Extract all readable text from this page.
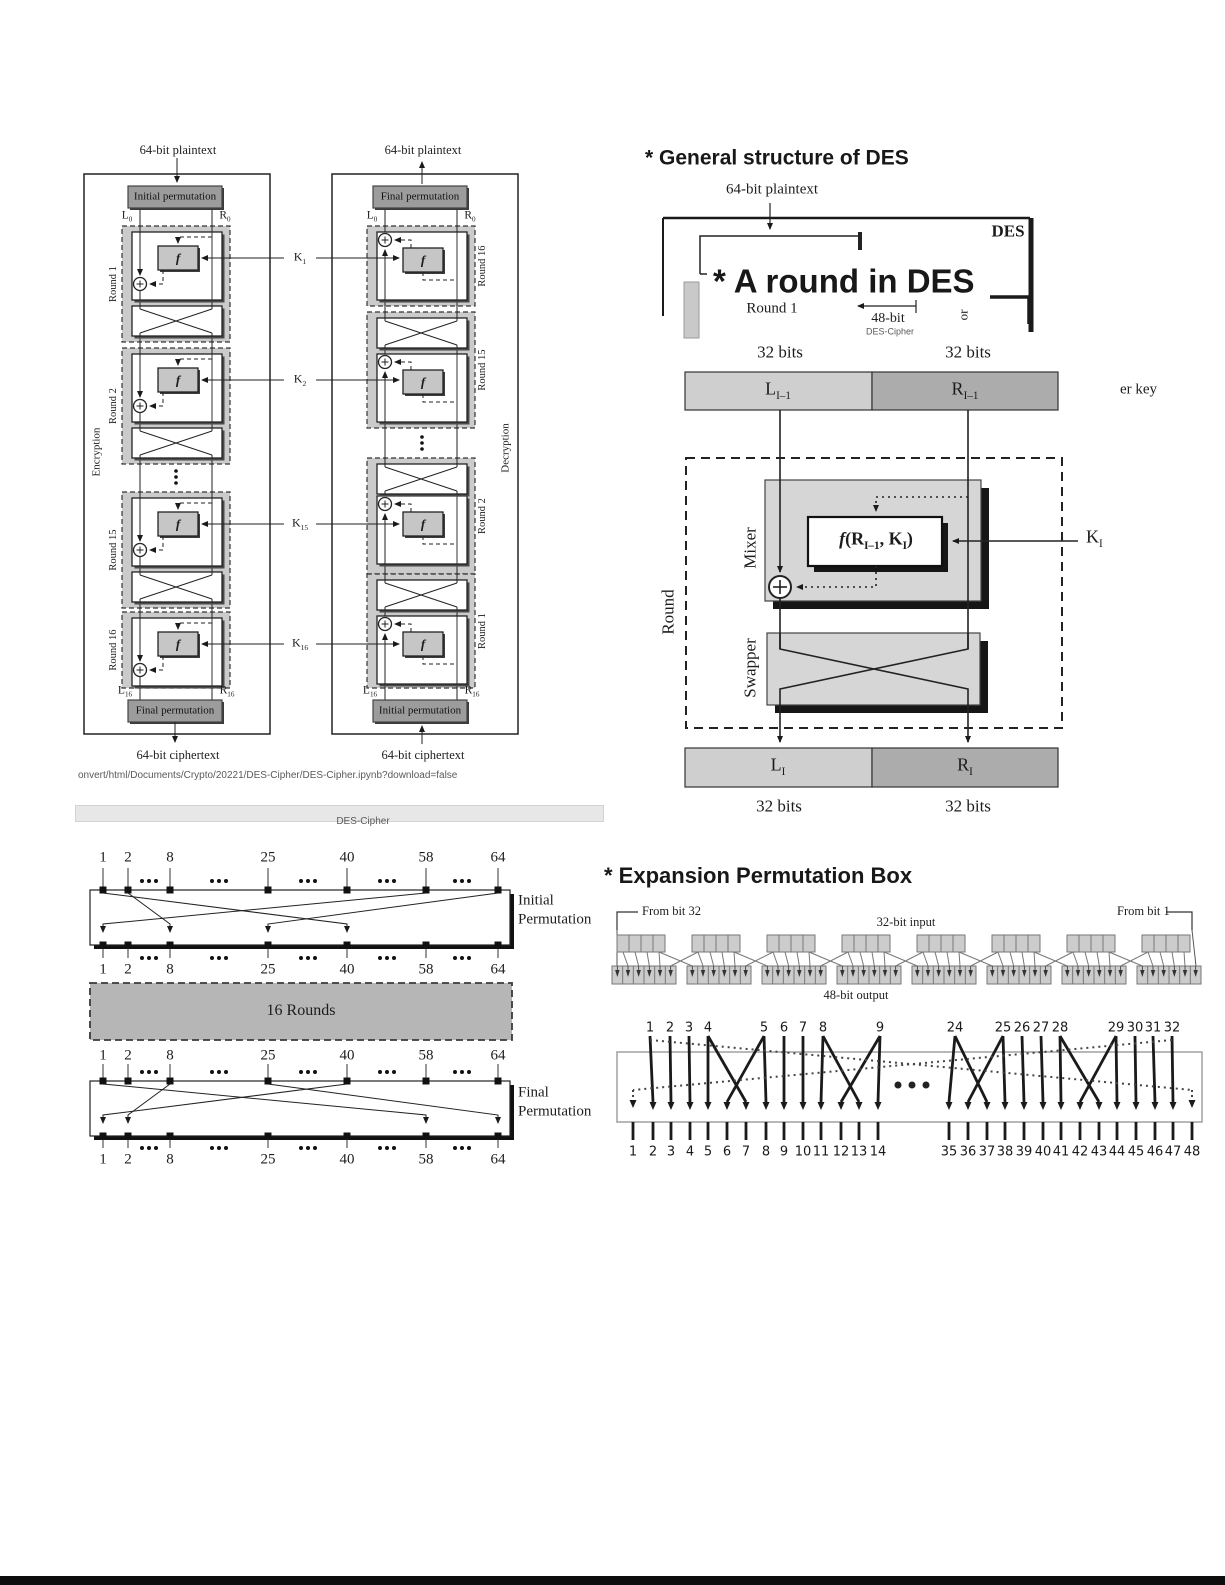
64-bit plaintext	64-bit plaintext
Initial permutation	Final permutation
Final permutation	Initial permutation
$L_0$	$R_0$	$L_0$	$R_0$
$L_{16}$	$R_{16}$	$L_{16}$	$R_{16}$
$K_1$
$K_2$
$K_{15}$
$K_{16}$
Round 1
Round 2
Round 15
Round 16
Round 16
Round 15
Round 2
Round 1
Encryption	Decryption
f
f
f
f
f
f
f
f
64-bit ciphertext	64-bit ciphertext
onvert/html/Documents/Crypto/20221/DES-Cipher/DES-Cipher.ipynb?download=false
DES-Cipher
* General structure of DES
64-bit plaintext
DES
* A round in DES
Round 1
48-bit
DES-Cipher
or
er key
32 bits	32 bits
$L_{I-1}$	$R_{I-1}$
$f(R_{I-1}$, $K_I$)	$K_I$
Round
Mixer
Swapper
$L_I$	$R_I$
32 bits	32 bits
Initial
Permutation
16 Rounds
Final
Permutation
* Expansion Permutation Box
From bit 32	From bit 1
32-bit input
48-bit output
1 2 8	25	40	58	64
1 2 8	25	40	58	64
1 2 8	25	40	58	64
1 2 8	25	40	58	64
1 2 3 4	5 6 7 8	9	24 25 26 27 28	29 30 31 32
1 2 3 4 5 6 7 8 9 10 11 12 13 14	35 36 37 38 39 40 41 42 43 44 45 46 47 48
